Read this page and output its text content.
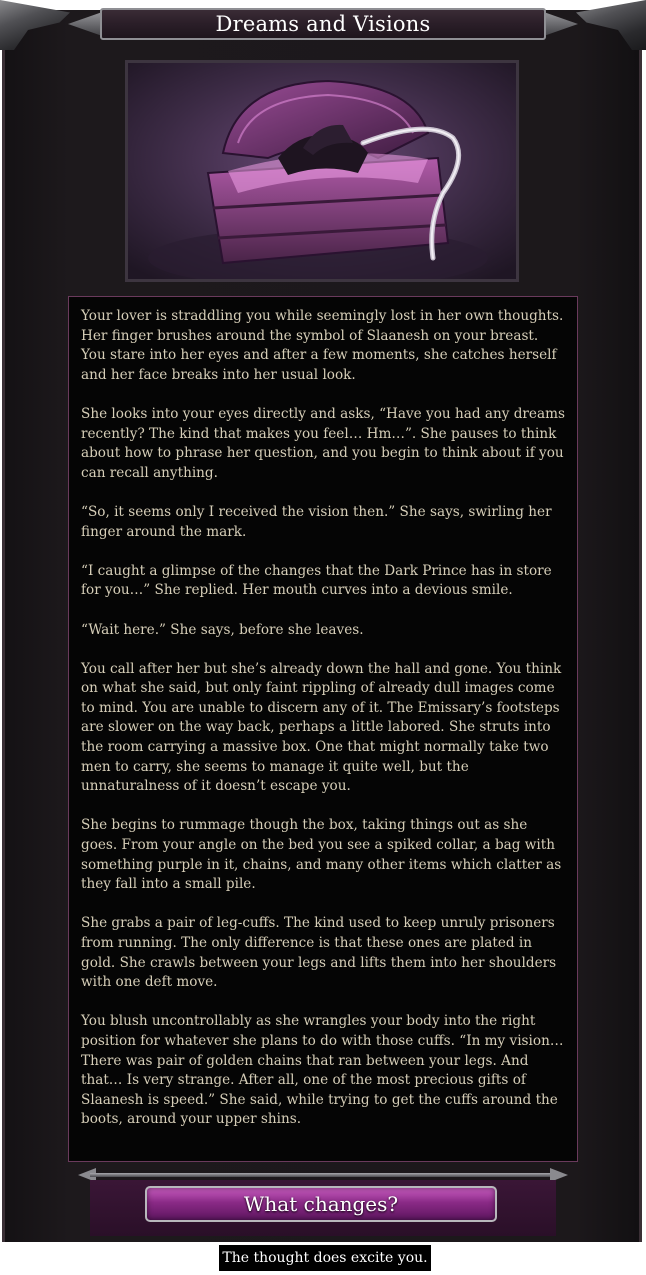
Dreams and Visions

Your lover is straddling you while seemingly lost in her own thoughts. Her finger brushes around the symbol of Slaanesh on your breast. You stare into her eyes and after a few moments, she catches herself and her face breaks into her usual look.

She looks into your eyes directly and asks, “Have you had any dreams recently? The kind that makes you feel… Hm…”. She pauses to think about how to phrase her question, and you begin to think about if you can recall anything.

“So, it seems only I received the vision then.” She says, swirling her finger around the mark.

“I caught a glimpse of the changes that the Dark Prince has in store for you…” She replied. Her mouth curves into a devious smile.

“Wait here.” She says, before she leaves.

You call after her but she’s already down the hall and gone. You think on what she said, but only faint rippling of already dull images come to mind. You are unable to discern any of it. The Emissary’s footsteps are slower on the way back, perhaps a little labored. She struts into the room carrying a massive box. One that might normally take two men to carry, she seems to manage it quite well, but the unnaturalness of it doesn’t escape you.

She begins to rummage though the box, taking things out as she goes. From your angle on the bed you see a spiked collar, a bag with something purple in it, chains, and many other items which clatter as they fall into a small pile.

She grabs a pair of leg-cuffs. The kind used to keep unruly prisoners from running. The only difference is that these ones are plated in gold. She crawls between your legs and lifts them into her shoulders with one deft move.

You blush uncontrollably as she wrangles your body into the right position for whatever she plans to do with those cuffs. “In my vision… There was pair of golden chains that ran between your legs. And that… Is very strange. After all, one of the most precious gifts of Slaanesh is speed.” She said, while trying to get the cuffs around the boots, around your upper shins.

What changes?
The thought does excite you.
